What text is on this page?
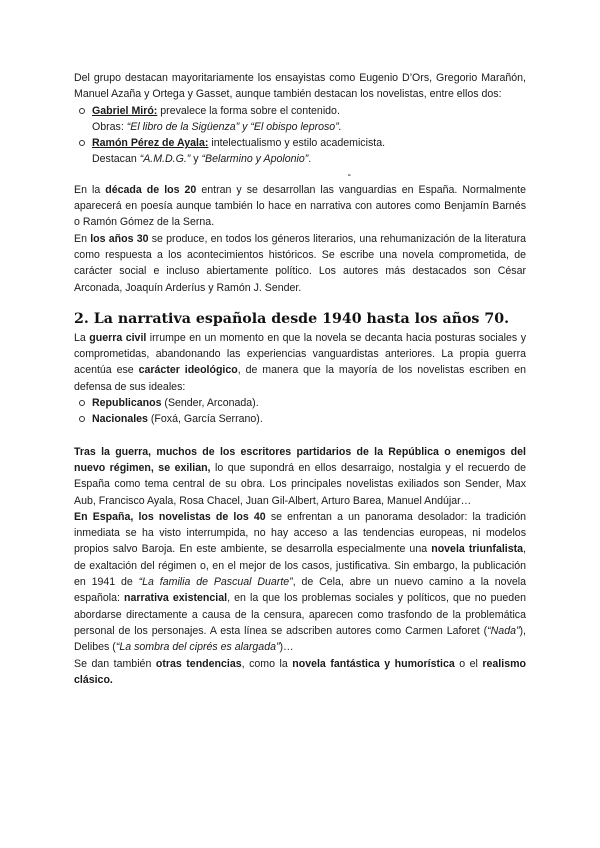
Del grupo destacan mayoritariamente los ensayistas como Eugenio D’Ors, Gregorio Marañón, Manuel Azaña y Ortega y Gasset, aunque también destacan los novelistas, entre ellos dos:

Gabriel Miró: prevalece la forma sobre el contenido.
Obras: “El libro de la Sigüenza” y “El obispo leproso”.
Ramón Pérez de Ayala: intelectualismo y estilo academicista.
Destacan “A.M.D.G.” y “Belarmino y Apolonio”.
-

En la década de los 20 entran y se desarrollan las vanguardias en España. Normalmente aparecerá en poesía aunque también lo hace en narrativa con autores como Benjamín Barnés o Ramón Gómez de la Serna.

En los años 30 se produce, en todos los géneros literarios, una rehumanización de la literatura como respuesta a los acontecimientos históricos. Se escribe una novela comprometida, de carácter social e incluso abiertamente político. Los autores más destacados son César Arconada, Joaquín Arderíus y Ramón J. Sender.

2. La narrativa española desde 1940 hasta los años 70.

La guerra civil irrumpe en un momento en que la novela se decanta hacia posturas sociales y comprometidas, abandonando las experiencias vanguardistas anteriores. La propia guerra acentúa ese carácter ideológico, de manera que la mayoría de los novelistas escriben en defensa de sus ideales:

Republicanos (Sender, Arconada).
Nacionales (Foxá, García Serrano).

Tras la guerra, muchos de los escritores partidarios de la República o enemigos del nuevo régimen, se exilian, lo que supondrá en ellos desarraigo, nostalgia y el recuerdo de España como tema central de su obra. Los principales novelistas exiliados son Sender, Max Aub, Francisco Ayala, Rosa Chacel, Juan Gil-Albert, Arturo Barea, Manuel Andújar…

En España, los novelistas de los 40 se enfrentan a un panorama desolador: la tradición inmediata se ha visto interrumpida, no hay acceso a las tendencias europeas, ni modelos propios salvo Baroja. En este ambiente, se desarrolla especialmente una novela triunfalista, de exaltación del régimen o, en el mejor de los casos, justificativa. Sin embargo, la publicación en 1941 de “La familia de Pascual Duarte”, de Cela, abre un nuevo camino a la novela española: narrativa existencial, en la que los problemas sociales y políticos, que no pueden abordarse directamente a causa de la censura, aparecen como trasfondo de la problemática personal de los personajes. A esta línea se adscriben autores como Carmen Laforet (“Nada”), Delibes (“La sombra del ciprés es alargada”)…

Se dan también otras tendencias, como la novela fantástica y humorística o el realismo clásico.
